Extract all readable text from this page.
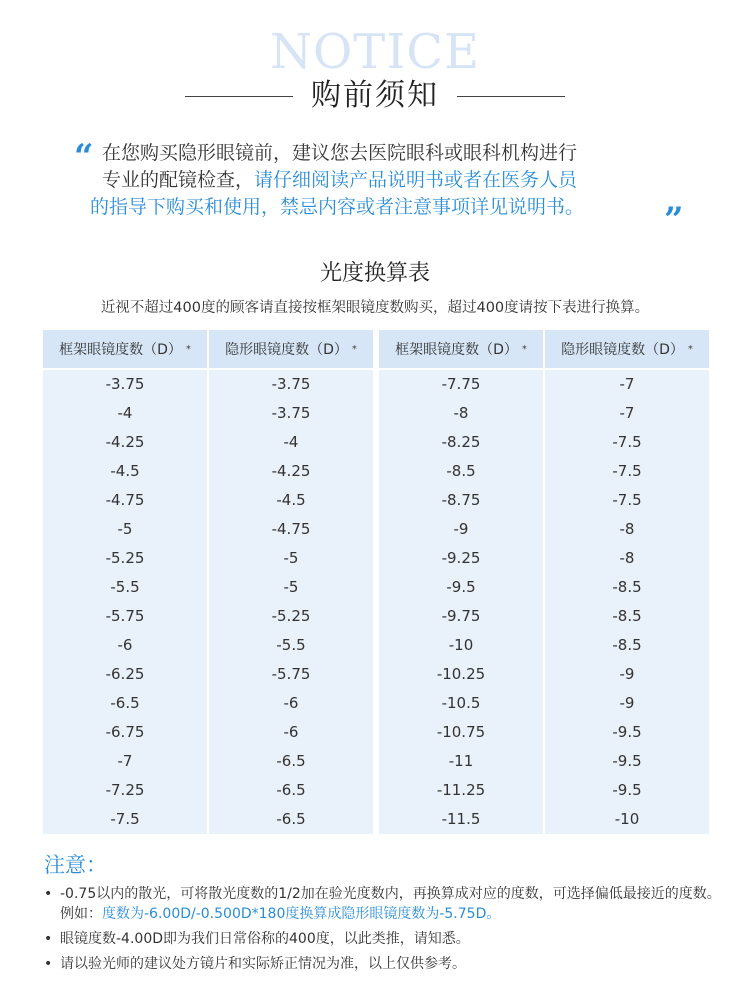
NOTICE
购前须知
“ 在您购买隐形眼镜前，建议您去医院眼科或眼科机构进行
专业的配镜检查，请仔细阅读产品说明书或者在医务人员
的指导下购买和使用，禁忌内容或者注意事项详见说明书。 ”
光度换算表
近视不超过400度的顾客请直接按框架眼镜度数购买，超过400度请按下表进行换算。
框架眼镜度数（D） *
-3.75
-4
-4.25
-4.5
-4.75
-5
-5.25
-5.5
-5.75
-6
-6.25
-6.5
-6.75
-7
-7.25
-7.5
隐形眼镜度数（D） *
-3.75
-3.75
-4
-4.25
-4.5
-4.75
-5
-5
-5.25
-5.5
-5.75
-6
-6
-6.5
-6.5
-6.5
框架眼镜度数（D） *
-7.75
-8
-8.25
-8.5
-8.75
-9
-9.25
-9.5
-9.75
-10
-10.25
-10.5
-10.75
-11
-11.25
-11.5
隐形眼镜度数（D） *
-7
-7
-7.5
-7.5
-7.5
-8
-8
-8.5
-8.5
-8.5
-9
-9
-9.5
-9.5
-9.5
-10
注意：
• -0.75以内的散光，可将散光度数的1/2加在验光度数内，再换算成对应的度数，可选择偏低最接近的度数。例如：度数为-6.00D/-0.500D*180度换算成隐形眼镜度数为-5.75D。
• 眼镜度数-4.00D即为我们日常俗称的400度，以此类推，请知悉。
• 请以验光师的建议处方镜片和实际矫正情况为准，以上仅供参考。
